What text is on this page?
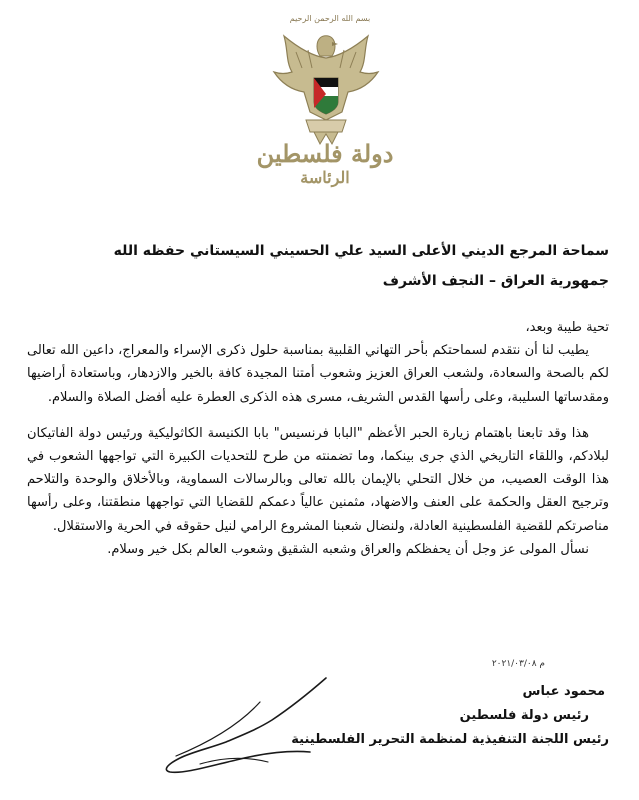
بسم الله الرحمن الرحيم
دولة فلسطين
الرئاسة
سماحة المرجع الديني الأعلى السيد علي الحسيني السيستاني حفظه الله
جمهورية العراق – النجف الأشرف

تحية طيبة وبعد،

يطيب لنا أن نتقدم لسماحتكم بأحر التهاني القلبية بمناسبة حلول ذكرى الإسراء والمعراج، داعين الله تعالى لكم بالصحة والسعادة، ولشعب العراق العزيز وشعوب أمتنا المجيدة كافة بالخير والازدهار، وباستعادة أراضيها ومقدساتها السليبة، وعلى رأسها القدس الشريف، مسرى هذه الذكرى العطرة عليه أفضل الصلاة والسلام.

هذا وقد تابعنا باهتمام زيارة الحبر الأعظم "البابا فرنسيس" بابا الكنيسة الكاثوليكية ورئيس دولة الفاتيكان لبلادكم، واللقاء التاريخي الذي جرى بينكما، وما تضمنته من طرح للتحديات الكبيرة التي تواجهها الشعوب في هذا الوقت العصيب، من خلال التحلي بالإيمان بالله تعالى وبالرسالات السماوية، وبالأخلاق والوحدة والتلاحم وترجيح العقل والحكمة على العنف والاضهاد، مثمنين عالياً دعمكم للقضايا التي تواجهها منطقتنا، وعلى رأسها مناصرتكم للقضية الفلسطينية العادلة، ولنضال شعبنا المشروع الرامي لنيل حقوقه في الحرية والاستقلال.

نسأل المولى عز وجل أن يحفظكم والعراق وشعبه الشقيق وشعوب العالم بكل خير وسلام.

م ٢٠٢١/٠٣/٠٨
محمود عباس
رئيس دولة فلسطين
رئيس اللجنة التنفيذية لمنظمة التحرير الفلسطينية
